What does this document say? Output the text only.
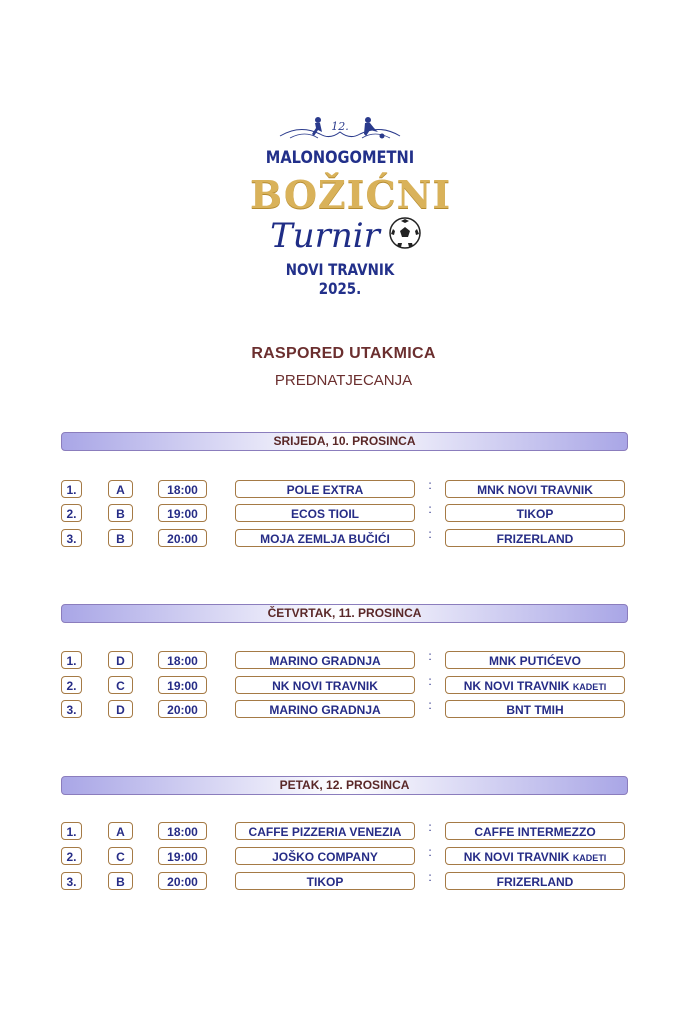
12.
MALONOGOMETNI
BOŽIĆNI
Turnir
NOVI TRAVNIK 2025.
RASPORED UTAKMICA
PREDNATJECANJA
SRIJEDA, 10. PROSINCA
1.	A	18:00	POLE EXTRA	:	MNK NOVI TRAVNIK
2.	B	19:00	ECOS TIOIL	:	TIKOP
3.	B	20:00	MOJA ZEMLJA BUČIĆI	:	FRIZERLAND
ČETVRTAK, 11. PROSINCA
1.	D	18:00	MARINO GRADNJA	:	MNK PUTIĆEVO
2.	C	19:00	NK NOVI TRAVNIK	:	NK NOVI TRAVNIK KADETI
3.	D	20:00	MARINO GRADNJA	:	BNT TMIH
PETAK, 12. PROSINCA
1.	A	18:00	CAFFE PIZZERIA VENEZIA	:	CAFFE INTERMEZZO
2.	C	19:00	JOŠKO COMPANY	:	NK NOVI TRAVNIK KADETI
3.	B	20:00	TIKOP	:	FRIZERLAND
